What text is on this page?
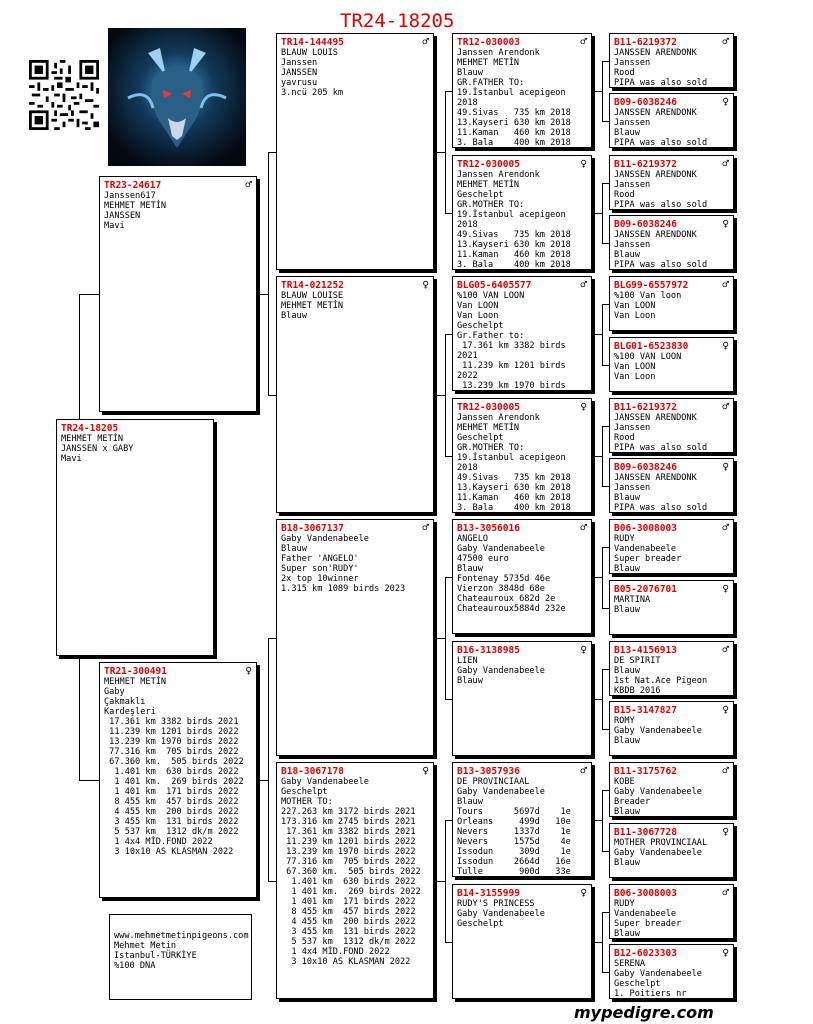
TR24-18205
TR24-18205
MEHMET METİN
JANSSEN x GABY
Mavi
TR23-24617	♂
Janssen617
MEHMET METİN
JANSSEN
Mavi
TR21-300491	♀
MEHMET METİN
Gaby
Çakmaklı
Kardeşleri
17.361 km 3382 birds 2021
11.239 km 1201 birds 2022
13.239 km 1970 birds 2022
77.316 km  705 birds 2022
67.360 km.  505 birds 2022
1.401 km  630 birds 2022
1 401 km.  269 birds 2022
1 401 km  171 birds 2022
8 455 km  457 birds 2022
4 455 km  200 birds 2022
3 455 km  131 birds 2022
5 537 km  1312 dk/m 2022
1 4x4 MİD.FOND 2022
3 10x10 AS KLASMAN 2022
TR14-144495	♂
BLAUW LOUIS
Janssen
JANSSEN
yavrusu
3.ncü 205 km
TR14-021252	♀
BLAUW LOUISE
MEHMET METİN
Blauw
B18-3067137	♂
Gaby Vandenabeele
Blauw
Father 'ANGELO'
Super son'RUDY'
2x top 10winner
1.315 km 1089 birds 2023
B18-3067178	♀
Gaby Vandenabeele
Geschelpt
MOTHER TO:
227.263 km 3172 birds 2021
173.316 km 2745 birds 2021
17.361 km 3382 birds 2021
11.239 km 1201 birds 2022
13.239 km 1970 birds 2022
77.316 km  705 birds 2022
67.360 km.  505 birds 2022
1.401 km  630 birds 2022
1 401 km.  269 birds 2022
1 401 km  171 birds 2022
8 455 km  457 birds 2022
4 455 km  200 birds 2022
3 455 km  131 birds 2022
5 537 km  1312 dk/m 2022
1 4x4 MİD.FOND 2022
3 10x10 AS KLASMAN 2022
TR12-030003	♂
Janssen Arendonk
MEHMET METİN
Blauw
GR.FATHER TO:
19.İstanbul acepigeon
2018
49.Sivas   735 km 2018
13.Kayseri 630 km 2018
11.Kaman   460 km 2018
3. Bala    400 km 2018
TR12-030005	♀
Janssen Arendonk
MEHMET METİN
Geschelpt
GR.MOTHER TO:
19.İstanbul acepigeon
2018
49.Sivas   735 km 2018
13.Kayseri 630 km 2018
11.Kaman   460 km 2018
3. Bala    400 km 2018
BLG05-6405577	♂
%100 VAN LOON
Van LOON
Van Loon
Geschelpt
Gr.Father to:
17.361 km 3382 birds
2021
11.239 km 1201 birds
2022
13.239 km 1970 birds
TR12-030005	♀
Janssen Arendonk
MEHMET METİN
Geschelpt
GR.MOTHER TO:
19.İstanbul acepigeon
2018
49.Sivas   735 km 2018
13.Kayseri 630 km 2018
11.Kaman   460 km 2018
3. Bala    400 km 2018
B13-3056016	♂
ANGELO
Gaby Vandenabeele
47500 euro
Blauw
Fontenay 5735d 46e
Vierzon 3848d 68e
Chateauroux 682d 2e
Chateauroux5884d 232e
B16-3138985	♀
LIEN
Gaby Vandenabeele
Blauw
B13-3057936	♂
DE PROVINCIAAL
Gaby Vandenabeele
Blauw
Tours      5697d    1e
Orleans     499d   10e
Nevers     1337d    1e
Nevers     1575d    4e
Issodun     309d    1e
Issodun    2664d   16e
Tulle       900d   33e
B14-3155999	♀
RUDY'S PRINCESS
Gaby Vandenabeele
Geschelpt
B11-6219372	♂
JANSSEN ARENDONK
Janssen
Rood
PIPA was also sold
B09-6038246	♀
JANSSEN ARENDONK
Janssen
Blauw
PIPA was also sold
B11-6219372	♂
JANSSEN ARENDONK
Janssen
Rood
PIPA was also sold
B09-6038246	♀
JANSSEN ARENDONK
Janssen
Blauw
PIPA was also sold
BLG99-6557972	♂
%100 Van loon
Van LOON
Van Loon
BLG01-6523830	♀
%100 VAN LOON
Van LOON
Van Loon
B11-6219372	♂
JANSSEN ARENDONK
Janssen
Rood
PIPA was also sold
B09-6038246	♀
JANSSEN ARENDONK
Janssen
Blauw
PIPA was also sold
B06-3008003	♂
RUDY
Vandenabeele
Super breader
Blauw
B05-2076701	♀
MARTINA
Blauw
B13-4156913	♂
DE SPIRIT
Blauw
1st Nat.Ace Pigeon
KBDB 2016
B15-3147827	♀
ROMY
Gaby Vandenabeele
Blauw
B11-3175762	♂
KOBE
Gaby Vandenabeele
Breader
Blauw
B11-3067728	♀
MOTHER PROVINCIAAL
Gaby Vandenabeele
Blauw
B06-3008003	♂
RUDY
Vandenabeele
Super breader
Blauw
B12-6023303	♀
SERENA
Gaby Vandenabeele
Geschelpt
1. Poitiers nr
www.mehmetmetinpigeons.com
Mehmet Metin
Istanbul-TÜRKİYE
%100 DNA
mypedigre.com
